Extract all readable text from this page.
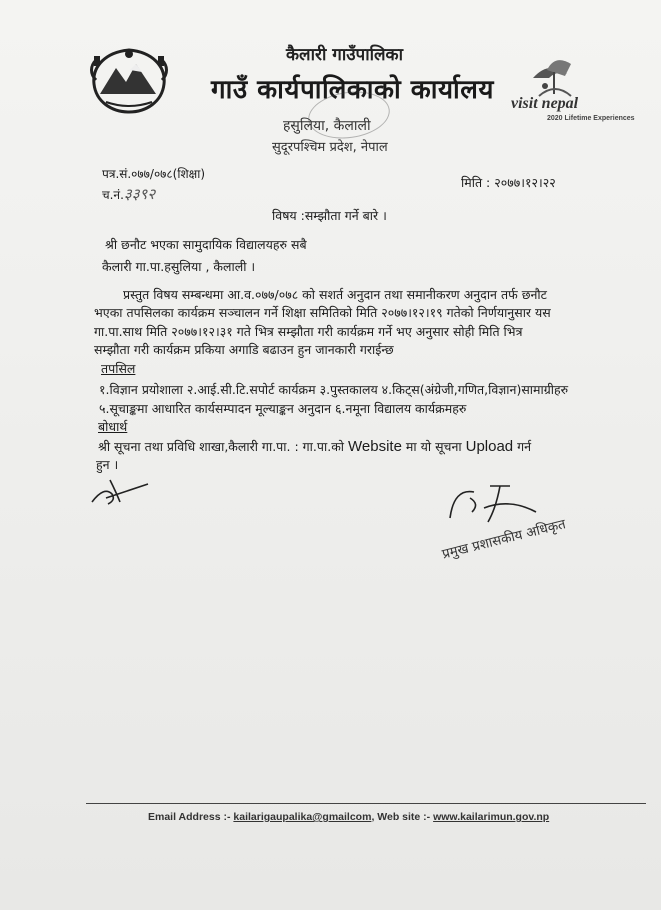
कैलारी गाउँपालिका
गाउँ कार्यपालिकाको कार्यालय
हसुलिया, कैलाली
सुदूरपश्चिम प्रदेश, नेपाल
visit nepal
2020 Lifetime Experiences
पत्र.सं.०७७/०७८(शिक्षा)
च.नं.३३९२
मिति : २०७७।१२।२२
विषय :सम्झौता गर्ने बारे ।
श्री छनौट भएका सामुदायिक विद्यालयहरु सबै
कैलारी गा.पा.हसुलिया , कैलाली ।
प्रस्तुत विषय सम्बन्धमा आ.व.०७७/०७८ को सशर्त अनुदान तथा समानीकरण अनुदान तर्फ छनौट
भएका तपसिलका कार्यक्रम सञ्चालन गर्ने शिक्षा समितिको मिति २०७७।१२।१९ गतेको निर्णयानुसार यस
गा.पा.साथ मिति २०७७।१२।३१ गते भित्र सम्झौता गरी कार्यक्रम गर्ने भए अनुसार सोही मिति भित्र
सम्झौता गरी कार्यक्रम प्रकिया अगाडि बढाउन हुन जानकारी गराईन्छ
तपसिल
१.विज्ञान प्रयोशाला २.आई.सी.टि.सपोर्ट कार्यक्रम ३.पुस्तकालय ४.किट्स(अंग्रेजी,गणित,विज्ञान)सामाग्रीहरु
५.सूचाङ्कमा आधारित कार्यसम्पादन मूल्याङ्कन अनुदान ६.नमूना विद्यालय कार्यक्रमहरु
बोधार्थ
श्री सूचना तथा प्रविधि शाखा,कैलारी गा.पा. : गा.पा.को Website मा यो सूचना Upload गर्न
हुन ।
प्रमुख प्रशासकीय अधिकृत
Email Address :- kailarigaupalika@gmailcom, Web site :- www.kailarimun.gov.np
